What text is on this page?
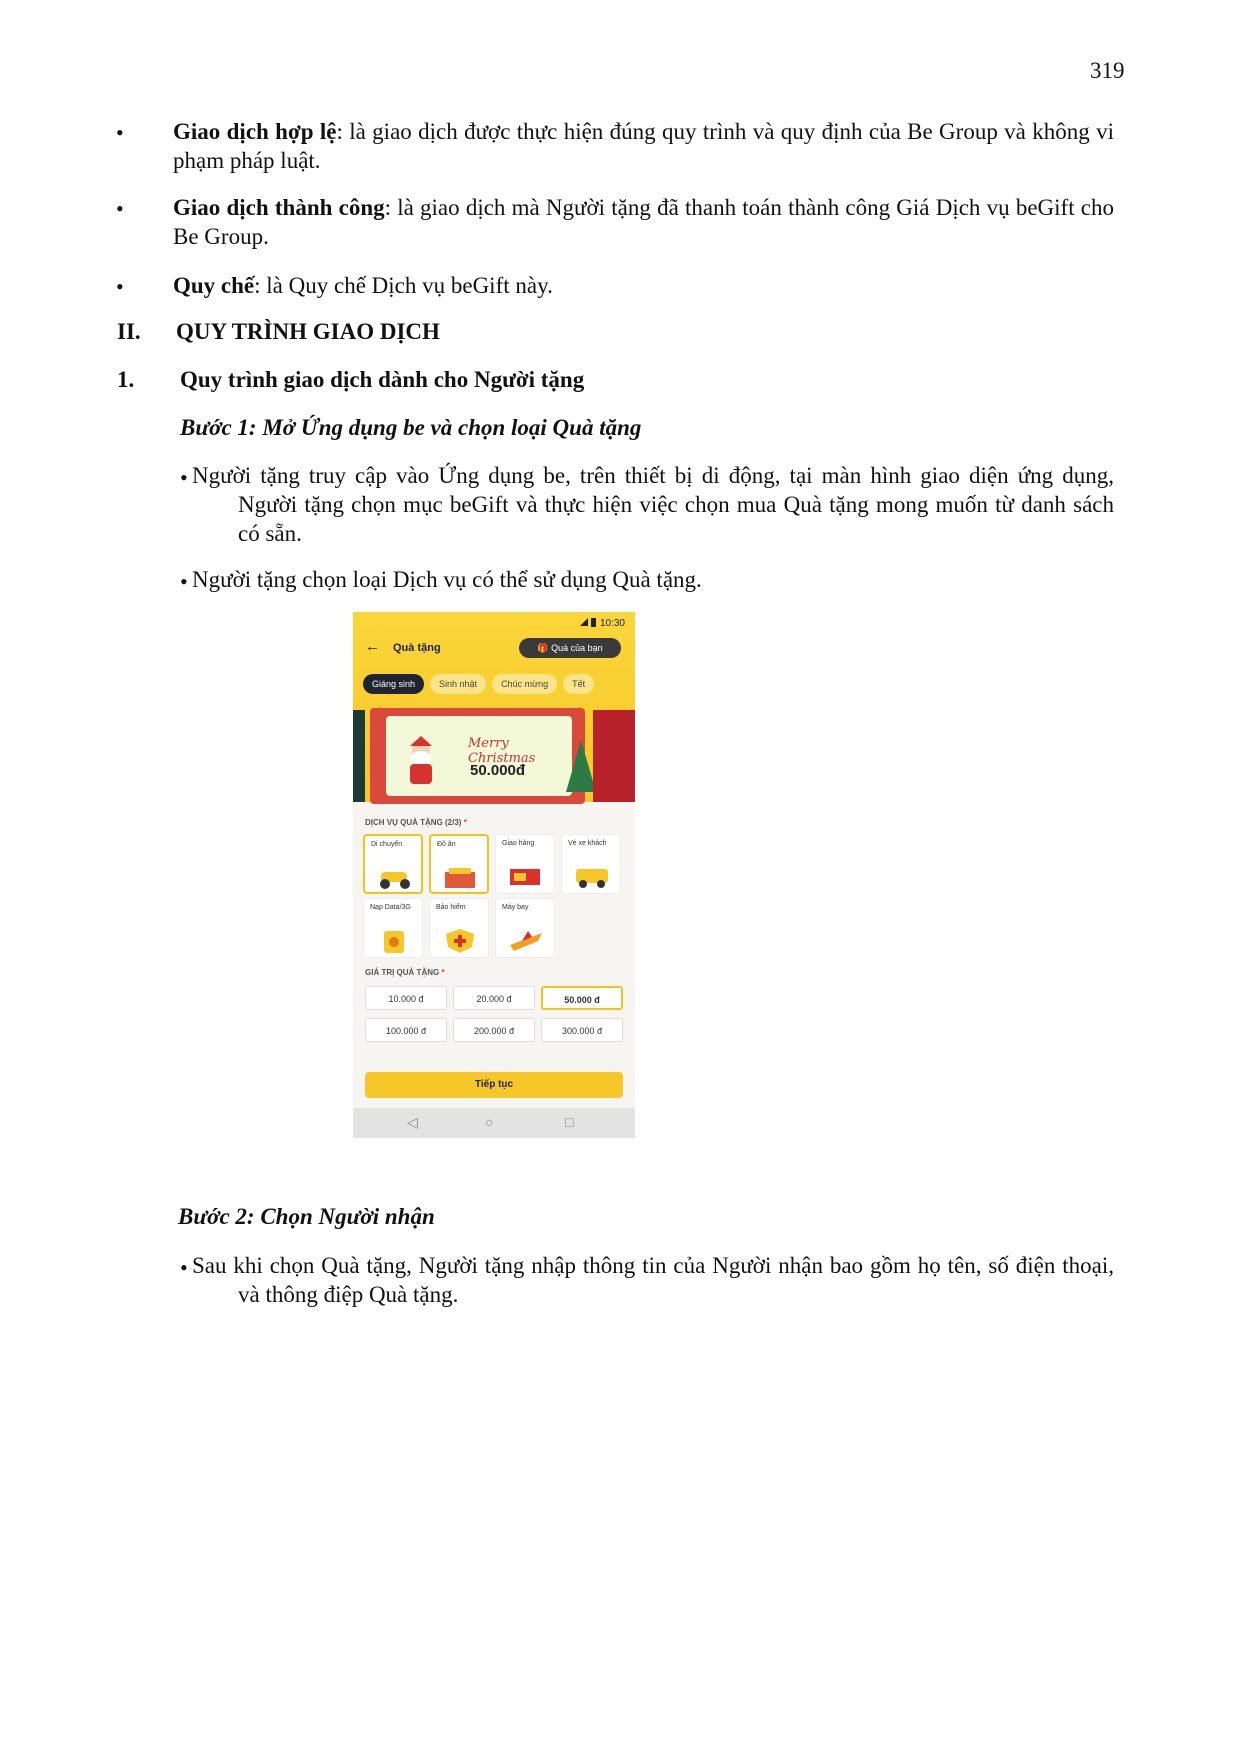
319
• Giao dịch hợp lệ: là giao dịch được thực hiện đúng quy trình và quy định của Be Group và không vi phạm pháp luật.
• Giao dịch thành công: là giao dịch mà Người tặng đã thanh toán thành công Giá Dịch vụ beGift cho Be Group.
• Quy chế: là Quy chế Dịch vụ beGift này.
II. QUY TRÌNH GIAO DỊCH
1. Quy trình giao dịch dành cho Người tặng
Bước 1: Mở Ứng dụng be và chọn loại Quà tặng
• Người tặng truy cập vào Ứng dụng be, trên thiết bị di động, tại màn hình giao diện ứng dụng, Người tặng chọn mục beGift và thực hiện việc chọn mua Quà tặng mong muốn từ danh sách có sẵn.
• Người tặng chọn loại Dịch vụ có thể sử dụng Quà tặng.
10:30
← Quà tặng	🎁 Quà của bạn
Giáng sinh	Sinh nhật	Chúc mừng	Tết
Merry Christmas
50.000đ
DỊCH VỤ QUÀ TẶNG (2/3) *
Di chuyển	Đồ ăn	Giao hàng	Vé xe khách
Nạp Data/3G	Bảo hiểm	Máy bay
GIÁ TRỊ QUÀ TẶNG *
10.000 đ	20.000 đ	50.000 đ
100.000 đ	200.000 đ	300.000 đ
Tiếp tục
◁	○	□
Bước 2: Chọn Người nhận
• Sau khi chọn Quà tặng, Người tặng nhập thông tin của Người nhận bao gồm họ tên, số điện thoại, và thông điệp Quà tặng.
